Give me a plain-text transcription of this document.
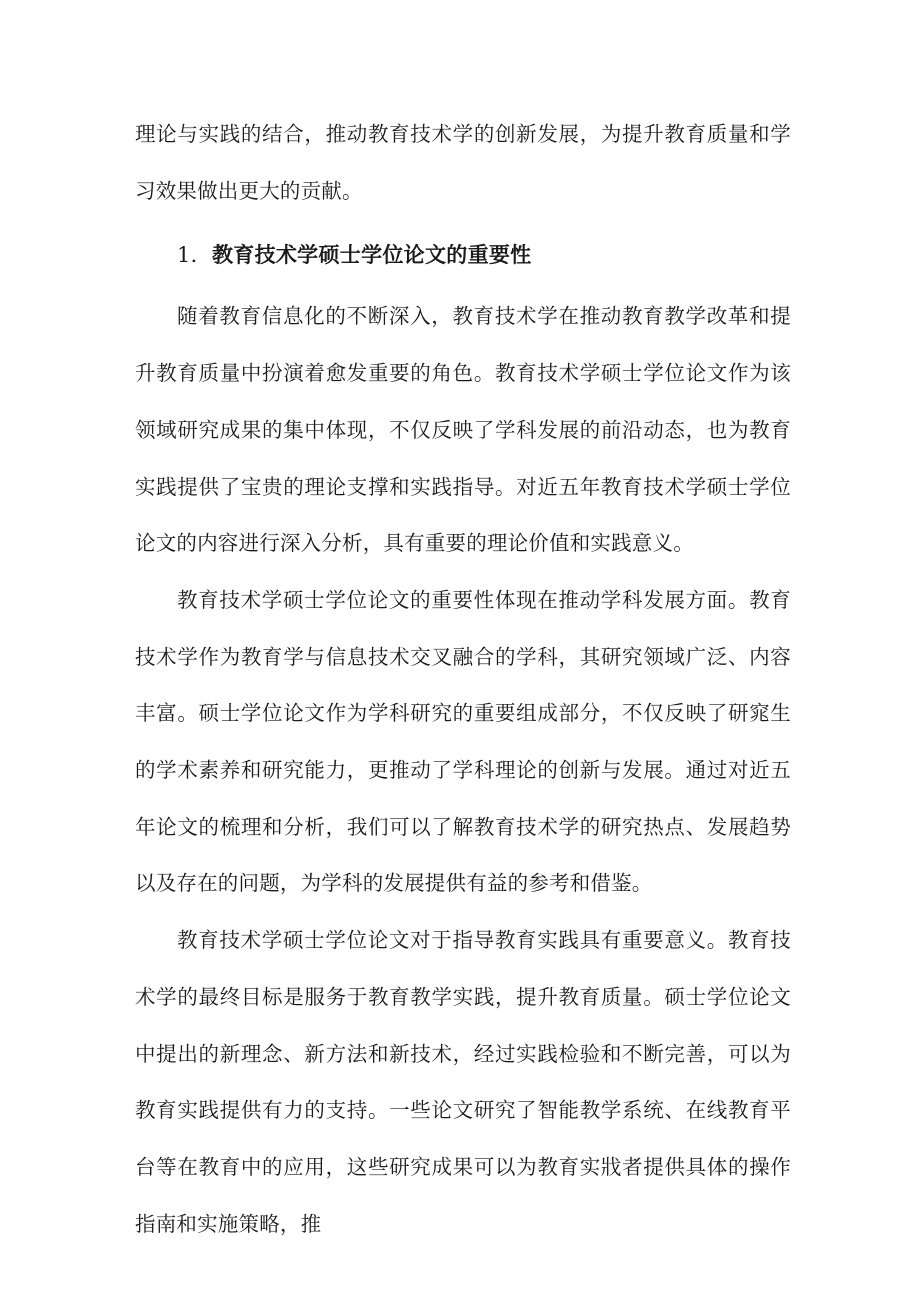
理论与实践的结合，推动教育技术学的创新发展，为提升教育质量和学习效果做出更大的贡献。

1．教育技术学硕士学位论文的重要性

随着教育信息化的不断深入，教育技术学在推动教育教学改革和提升教育质量中扮演着愈发重要的角色。教育技术学硕士学位论文作为该领域研究成果的集中体现，不仅反映了学科发展的前沿动态，也为教育实践提供了宝贵的理论支撑和实践指导。对近五年教育技术学硕士学位论文的内容进行深入分析，具有重要的理论价值和实践意义。

教育技术学硕士学位论文的重要性体现在推动学科发展方面。教育技术学作为教育学与信息技术交叉融合的学科，其研究领域广泛、内容丰富。硕士学位论文作为学科研究的重要组成部分，不仅反映了研窕生的学术素养和研究能力，更推动了学科理论的创新与发展。通过对近五年论文的梳理和分析，我们可以了解教育技术学的研究热点、发展趋势以及存在的问题，为学科的发展提供有益的参考和借鉴。

教育技术学硕士学位论文对于指导教育实践具有重要意义。教育技术学的最终目标是服务于教育教学实践，提升教育质量。硕士学位论文中提出的新理念、新方法和新技术，经过实践检验和不断完善，可以为教育实践提供有力的支持。一些论文研究了智能教学系统、在线教育平台等在教育中的应用，这些研究成果可以为教育实戕者提供具体的操作指南和实施策略，推
